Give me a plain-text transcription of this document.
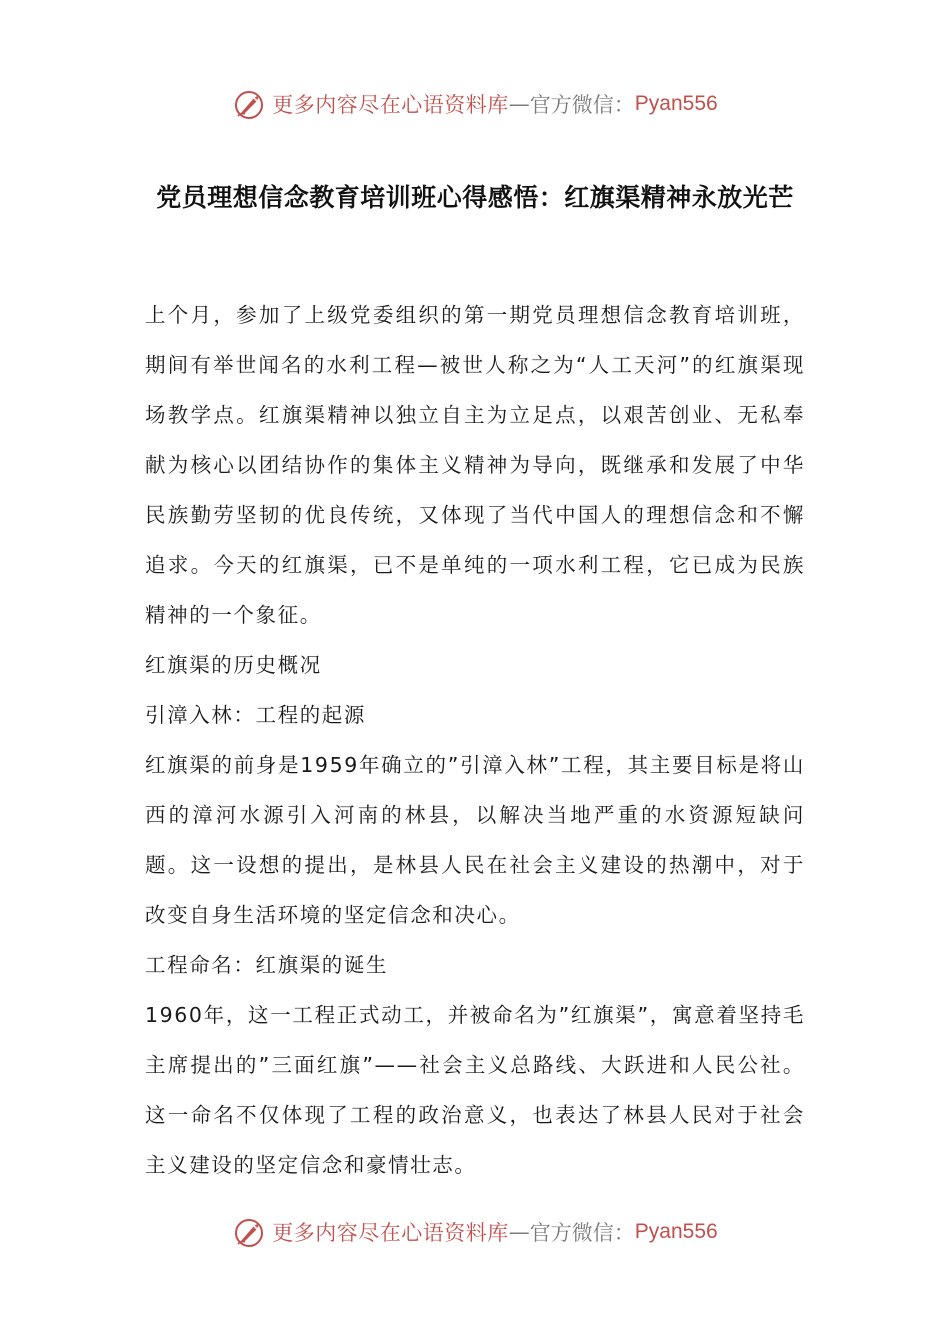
更多内容尽在心语资料库 — 官方微信： Pyan556
党员理想信念教育培训班心得感悟：红旗渠精神永放光芒

上个月，参加了上级党委组织的第一期党员理想信念教育培训班，期间有举世闻名的水利工程—被世人称之为“人工天河”的红旗渠现场教学点。红旗渠精神以独立自主为立足点，以艰苦创业、无私奉献为核心以团结协作的集体主义精神为导向，既继承和发展了中华民族勤劳坚韧的优良传统，又体现了当代中国人的理想信念和不懈追求。今天的红旗渠，已不是单纯的一项水利工程，它已成为民族精神的一个象征。

红旗渠的历史概况

引漳入林：工程的起源

红旗渠的前身是1959年确立的”引漳入林”工程，其主要目标是将山西的漳河水源引入河南的林县，以解决当地严重的水资源短缺问题。这一设想的提出，是林县人民在社会主义建设的热潮中，对于改变自身生活环境的坚定信念和决心。

工程命名：红旗渠的诞生

1960年，这一工程正式动工，并被命名为”红旗渠”，寓意着坚持毛主席提出的”三面红旗”——社会主义总路线、大跃进和人民公社。这一命名不仅体现了工程的政治意义，也表达了林县人民对于社会主义建设的坚定信念和豪情壮志。

更多内容尽在心语资料库 — 官方微信： Pyan556
